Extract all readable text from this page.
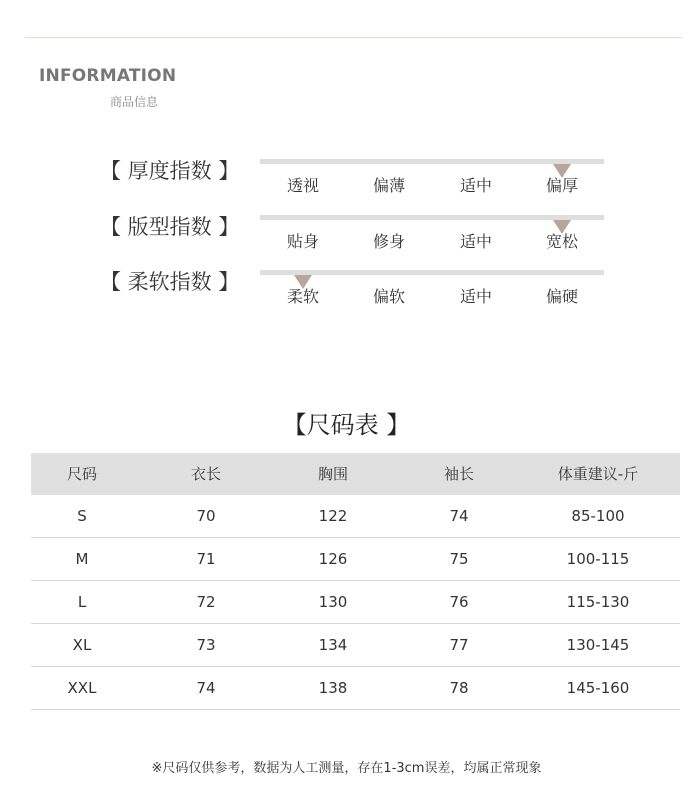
INFORMATION
商品信息
【 厚度指数 】
透视	偏薄	适中	偏厚
【 版型指数 】
贴身	修身	适中	宽松
【 柔软指数 】
柔软	偏软	适中	偏硬
【尺码表 】
尺码	衣长	胸围	袖长	体重建议-斤
S	70	122	74	85-100
M	71	126	75	100-115
L	72	130	76	115-130
XL	73	134	77	130-145
XXL	74	138	78	145-160
※尺码仅供参考，数据为人工测量，存在1-3cm误差，均属正常现象
